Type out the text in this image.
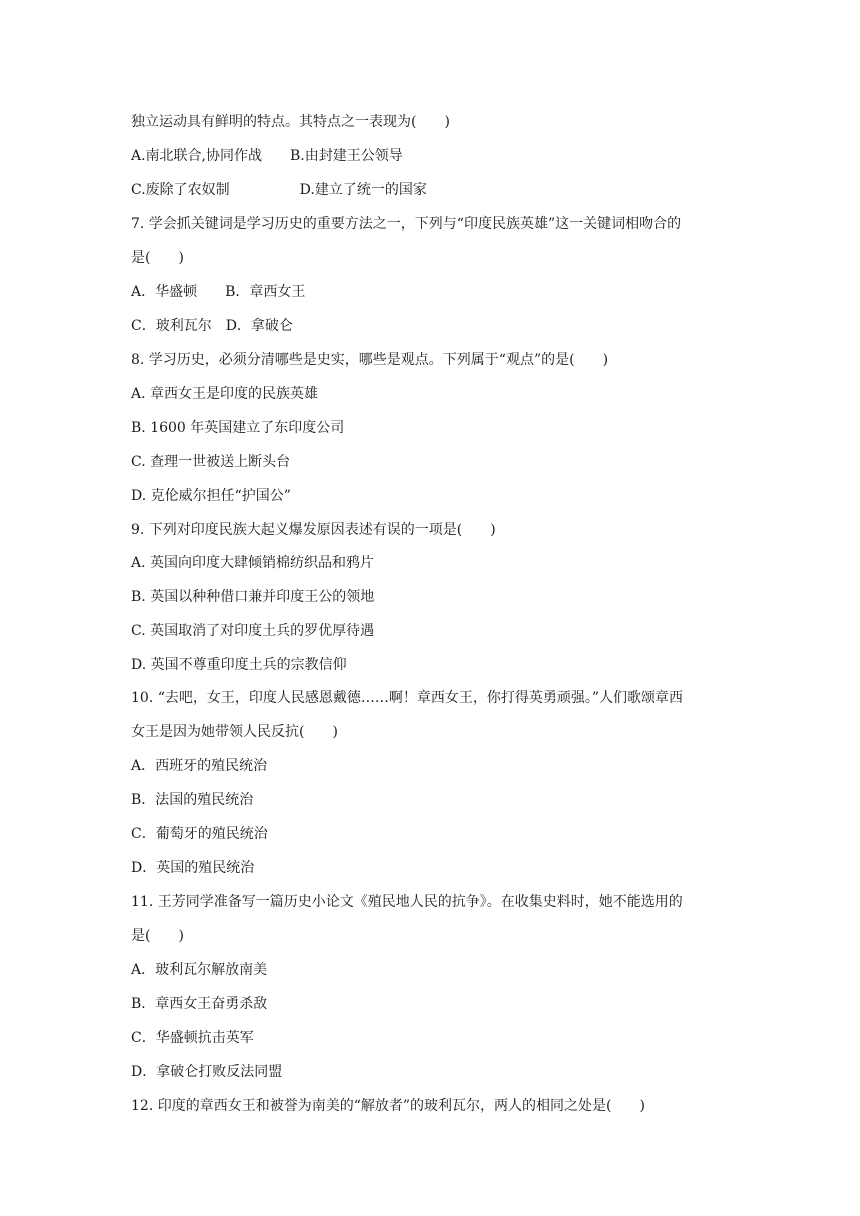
独立运动具有鲜明的特点。其特点之一表现为(　　)
A.南北联合,协同作战　　B.由封建王公领导
C.废除了农奴制　　　　　D.建立了统一的国家
7. 学会抓关键词是学习历史的重要方法之一，下列与“印度民族英雄”这一关键词相吻合的
是(　　)
A．华盛顿　　B．章西女王
C．玻利瓦尔　D．拿破仑
8. 学习历史，必须分清哪些是史实，哪些是观点。下列属于“观点”的是(　　)
A. 章西女王是印度的民族英雄
B. 1600 年英国建立了东印度公司
C. 查理一世被送上断头台
D. 克伦威尔担任“护国公”
9. 下列对印度民族大起义爆发原因表述有误的一项是(　　)
A. 英国向印度大肆倾销棉纺织品和鸦片
B. 英国以种种借口兼并印度王公的领地
C. 英国取消了对印度土兵的罗优厚待遇
D. 英国不尊重印度土兵的宗教信仰
10. “去吧，女王，印度人民感恩戴德……啊！章西女王，你打得英勇顽强。”人们歌颂章西
女王是因为她带领人民反抗(　　)
A．西班牙的殖民统治
B．法国的殖民统治
C．葡萄牙的殖民统治
D．英国的殖民统治
11. 王芳同学准备写一篇历史小论文《殖民地人民的抗争》。在收集史料时，她不能选用的
是(　　)
A．玻利瓦尔解放南美
B．章西女王奋勇杀敌
C．华盛顿抗击英军
D．拿破仑打败反法同盟
12. 印度的章西女王和被誉为南美的“解放者”的玻利瓦尔，两人的相同之处是(　　)
